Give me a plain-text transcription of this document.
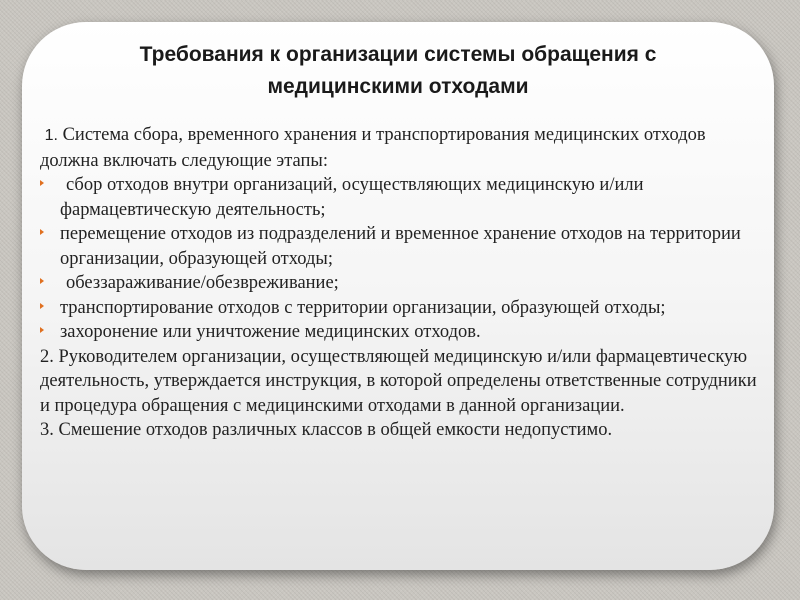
Требования к организации системы обращения с
медицинскими отходами

1. Система сбора, временного хранения и транспортирования медицинских отходов должна включать следующие этапы:

сбор отходов внутри организаций, осуществляющих медицинскую и/или фармацевтическую деятельность;

перемещение отходов из подразделений и временное хранение отходов на территории организации, образующей отходы;

обеззараживание/обезвреживание;

транспортирование отходов с территории организации, образующей отходы;

захоронение или уничтожение медицинских отходов.

2. Руководителем организации, осуществляющей медицинскую и/или фармацевтическую деятельность, утверждается инструкция, в которой определены ответственные сотрудники и процедура обращения с медицинскими отходами в данной организации.

3. Смешение отходов различных классов в общей емкости недопустимо.
